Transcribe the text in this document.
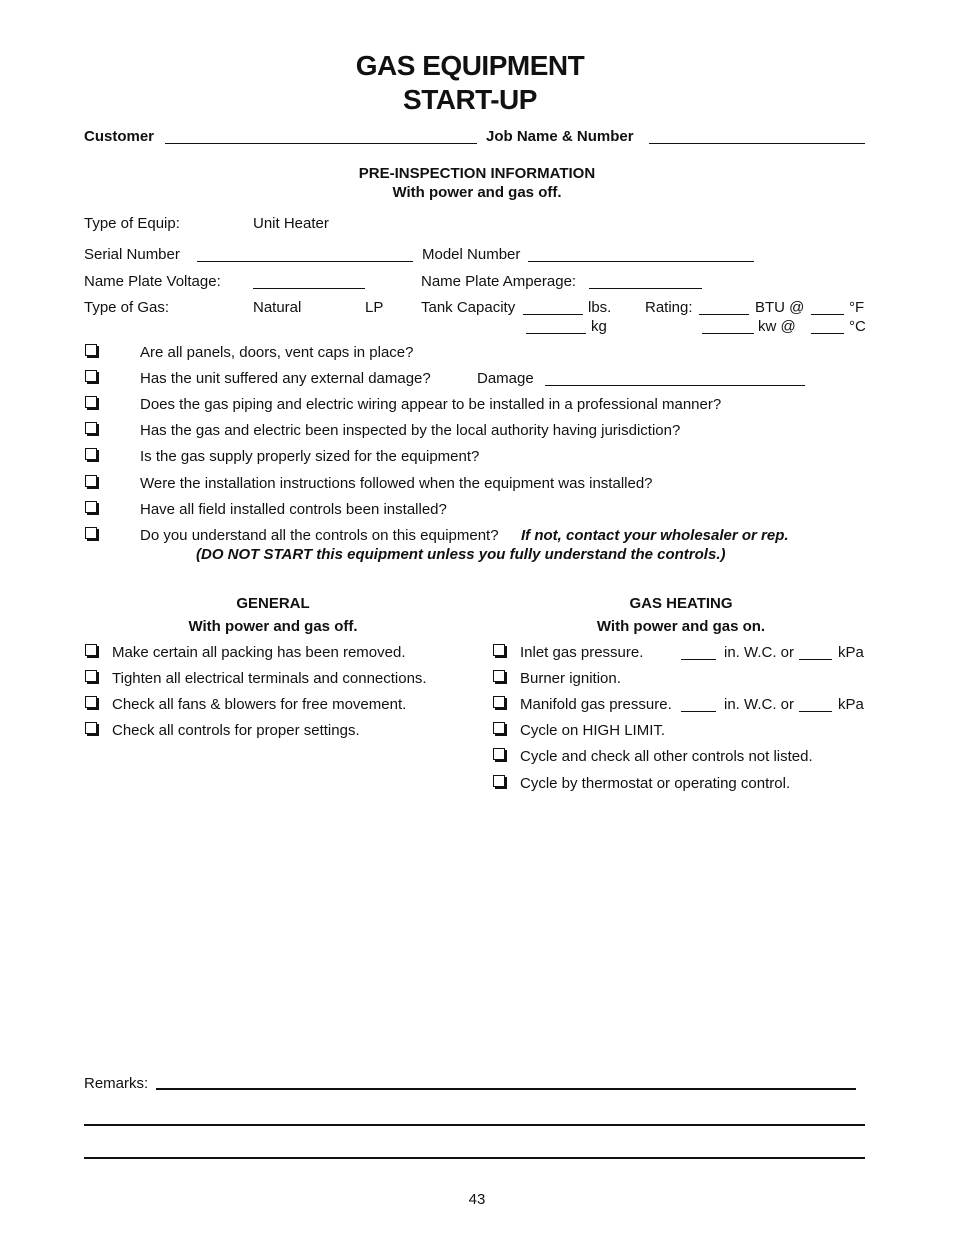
GAS EQUIPMENT
START-UP
Customer	Job Name & Number
PRE-INSPECTION INFORMATION
With power and gas off.
Type of Equip:	Unit Heater
Serial Number	Model Number
Name Plate Voltage:	Name Plate Amperage:
Type of Gas:	Natural	LP	Tank Capacity	lbs.
kg
Rating:	BTU @	°F
kw @	°C
Are all panels, doors, vent caps in place?
Has the unit suffered any external damage?	Damage
Does the gas piping and electric wiring appear to be installed in a professional manner?
Has the gas and electric been inspected by the local authority having jurisdiction?
Is the gas supply properly sized for the equipment?
Were the installation instructions followed when the equipment was installed?
Have all field installed controls been installed?
Do you understand all the controls on this equipment? If not, contact your wholesaler or rep.
(DO NOT START this equipment unless you fully understand the controls.)
GENERAL
With power and gas off.
Make certain all packing has been removed.
Tighten all electrical terminals and connections.
Check all fans & blowers for free movement.
Check all controls for proper settings.
GAS HEATING
With power and gas on.
Inlet gas pressure.	in. W.C. or	kPa
Burner ignition.
Manifold gas pressure.	in. W.C. or	kPa
Cycle on HIGH LIMIT.
Cycle and check all other controls not listed.
Cycle by thermostat or operating control.
Remarks:
43
